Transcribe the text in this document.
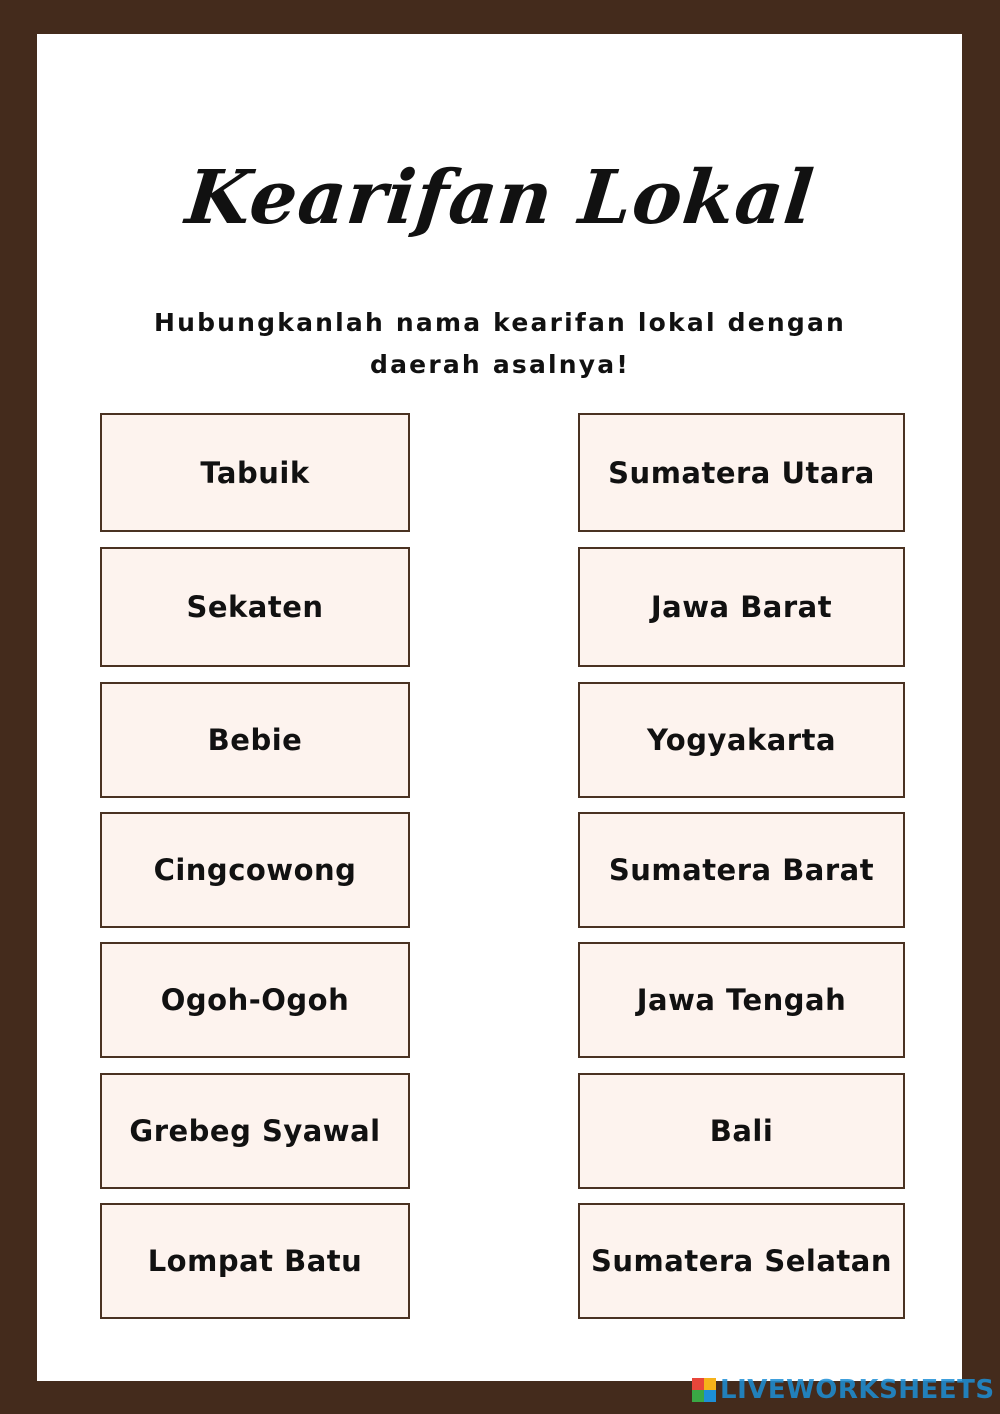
Kearifan Lokal

Hubungkanlah nama kearifan lokal dengan daerah asalnya!

Tabuik
Sekaten
Bebie
Cingcowong
Ogoh-Ogoh
Grebeg Syawal
Lompat Batu
Sumatera Utara
Jawa Barat
Yogyakarta
Sumatera Barat
Jawa Tengah
Bali
Sumatera Selatan
LIVEWORKSHEETS
